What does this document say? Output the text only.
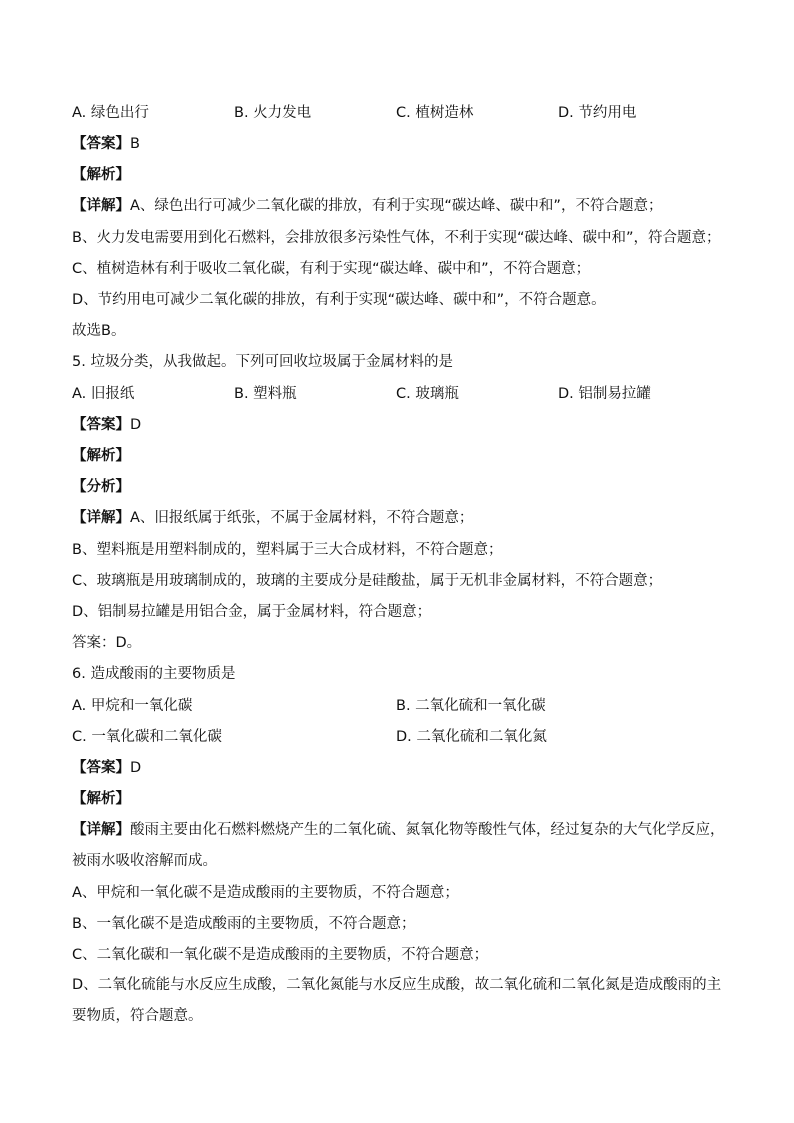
A. 绿色出行	B. 火力发电	C. 植树造林	D. 节约用电
【答案】B
【解析】
【详解】A、绿色出行可减少二氧化碳的排放，有利于实现“碳达峰、碳中和”，不符合题意；
B、火力发电需要用到化石燃料，会排放很多污染性气体，不利于实现“碳达峰、碳中和”，符合题意；
C、植树造林有利于吸收二氧化碳，有利于实现“碳达峰、碳中和”，不符合题意；
D、节约用电可减少二氧化碳的排放，有利于实现“碳达峰、碳中和”，不符合题意。
故选B。
5. 垃圾分类，从我做起。下列可回收垃圾属于金属材料的是
A. 旧报纸	B. 塑料瓶	C. 玻璃瓶	D. 铝制易拉罐
【答案】D
【解析】
【分析】
【详解】A、旧报纸属于纸张，不属于金属材料，不符合题意；
B、塑料瓶是用塑料制成的，塑料属于三大合成材料，不符合题意；
C、玻璃瓶是用玻璃制成的，玻璃的主要成分是硅酸盐，属于无机非金属材料，不符合题意；
D、铝制易拉罐是用铝合金，属于金属材料，符合题意；
答案：D。
6. 造成酸雨的主要物质是
A. 甲烷和一氧化碳	B. 二氧化硫和一氧化碳
C. 一氧化碳和二氧化碳	D. 二氧化硫和二氧化氮
【答案】D
【解析】
【详解】酸雨主要由化石燃料燃烧产生的二氧化硫、氮氧化物等酸性气体，经过复杂的大气化学反应，被雨水吸收溶解而成。
A、甲烷和一氧化碳不是造成酸雨的主要物质，不符合题意；
B、一氧化碳不是造成酸雨的主要物质，不符合题意；
C、二氧化碳和一氧化碳不是造成酸雨的主要物质，不符合题意；
D、二氧化硫能与水反应生成酸，二氧化氮能与水反应生成酸，故二氧化硫和二氧化氮是造成酸雨的主要物质，符合题意。
